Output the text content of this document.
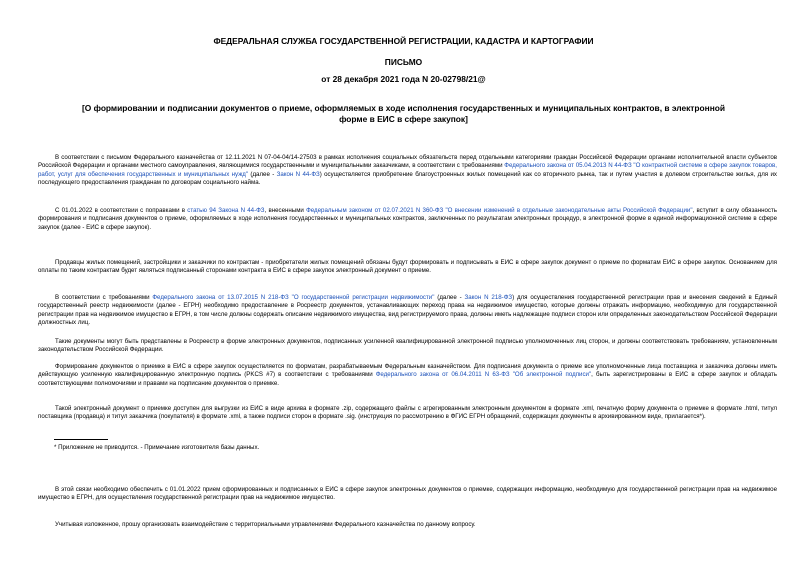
ФЕДЕРАЛЬНАЯ СЛУЖБА ГОСУДАРСТВЕННОЙ РЕГИСТРАЦИИ, КАДАСТРА И КАРТОГРАФИИ
ПИСЬМО
от 28 декабря 2021 года N 20-02798/21@
[О формировании и подписании документов о приеме, оформляемых в ходе исполнения государственных и муниципальных контрактов, в электронной форме в ЕИС в сфере закупок]
В соответствии с письмом Федерального казначейства от 12.11.2021 N 07-04-04/14-27503 в рамках исполнения социальных обязательств перед отдельными категориями граждан Российской Федерации органами исполнительной власти субъектов Российской Федерации и органами местного самоуправления, являющимися государственными и муниципальными заказчиками, в соответствии с требованиями Федерального закона от 05.04.2013 N 44-ФЗ "О контрактной системе в сфере закупок товаров, работ, услуг для обеспечения государственных и муниципальных нужд" (далее - Закон N 44-ФЗ) осуществляется приобретение благоустроенных жилых помещений как со вторичного рынка, так и путем участия в долевом строительстве жилья, для их последующего предоставления гражданам по договорам социального найма.
С 01.01.2022 в соответствии с поправками в статью 94 Закона N 44-ФЗ, внесенными Федеральным законом от 02.07.2021 N 360-ФЗ "О внесении изменений в отдельные законодательные акты Российской Федерации", вступит в силу обязанность формирования и подписания документов о приеме, оформляемых в ходе исполнения государственных и муниципальных контрактов, заключенных по результатам электронных процедур, в электронной форме в единой информационной системе в сфере закупок (далее - ЕИС в сфере закупок).
Продавцы жилых помещений, застройщики и заказчики по контрактам - приобретатели жилых помещений обязаны будут формировать и подписывать в ЕИС в сфере закупок документ о приеме по форматам ЕИС в сфере закупок. Основанием для оплаты по таким контрактам будет являться подписанный сторонами контракта в ЕИС в сфере закупок электронный документ о приеме.
В соответствии с требованиями Федерального закона от 13.07.2015 N 218-ФЗ "О государственной регистрации недвижимости" (далее - Закон N 218-ФЗ) для осуществления государственной регистрации прав и внесения сведений в Единый государственный реестр недвижимости (далее - ЕГРН) необходимо предоставление в Росреестр документов, устанавливающих переход права на недвижимое имущество, которые должны отражать информацию, необходимую для государственной регистрации прав на недвижимое имущество в ЕГРН, в том числе должны содержать описание недвижимого имущества, вид регистрируемого права, должны иметь надлежащие подписи сторон или определенных законодательством Российской Федерации должностных лиц.
Такие документы могут быть представлены в Росреестр в форме электронных документов, подписанных усиленной квалифицированной электронной подписью уполномоченных лиц сторон, и должны соответствовать требованиям, установленным законодательством Российской Федерации.
Формирование документов о приемке в ЕИС в сфере закупок осуществляется по форматам, разрабатываемым Федеральным казначейством. Для подписания документа о приеме все уполномоченные лица поставщика и заказчика должны иметь действующую усиленную квалифицированную электронную подпись (PKCS #7) в соответствии с требованиями Федерального закона от 06.04.2011 N 63-ФЗ "Об электронной подписи", быть зарегистрированы в ЕИС в сфере закупок и обладать соответствующими полномочиями и правами на подписание документов о приемке.
Такой электронный документ о приемке доступен для выгрузки из ЕИС в виде архива в формате .zip, содержащего файлы с агрегированным электронным документом в формате .xml, печатную форму документа о приемке в формате .html, титул поставщика (продавца) и титул заказчика (покупателя) в формате .xml, а также подписи сторон в формате .sig. (инструкция по рассмотрению в ФГИС ЕГРН обращений, содержащих документы в архивированном виде, прилагается*).
* Приложение не приводится. - Примечание изготовителя базы данных.
В этой связи необходимо обеспечить с 01.01.2022 прием сформированных и подписанных в ЕИС в сфере закупок электронных документов о приемке, содержащих информацию, необходимую для государственной регистрации прав на недвижимое имущество в ЕГРН, для осуществления государственной регистрации прав на недвижимое имущество.
Учитывая изложенное, прошу организовать взаимодействие с территориальными управлениями Федерального казначейства по данному вопросу.
